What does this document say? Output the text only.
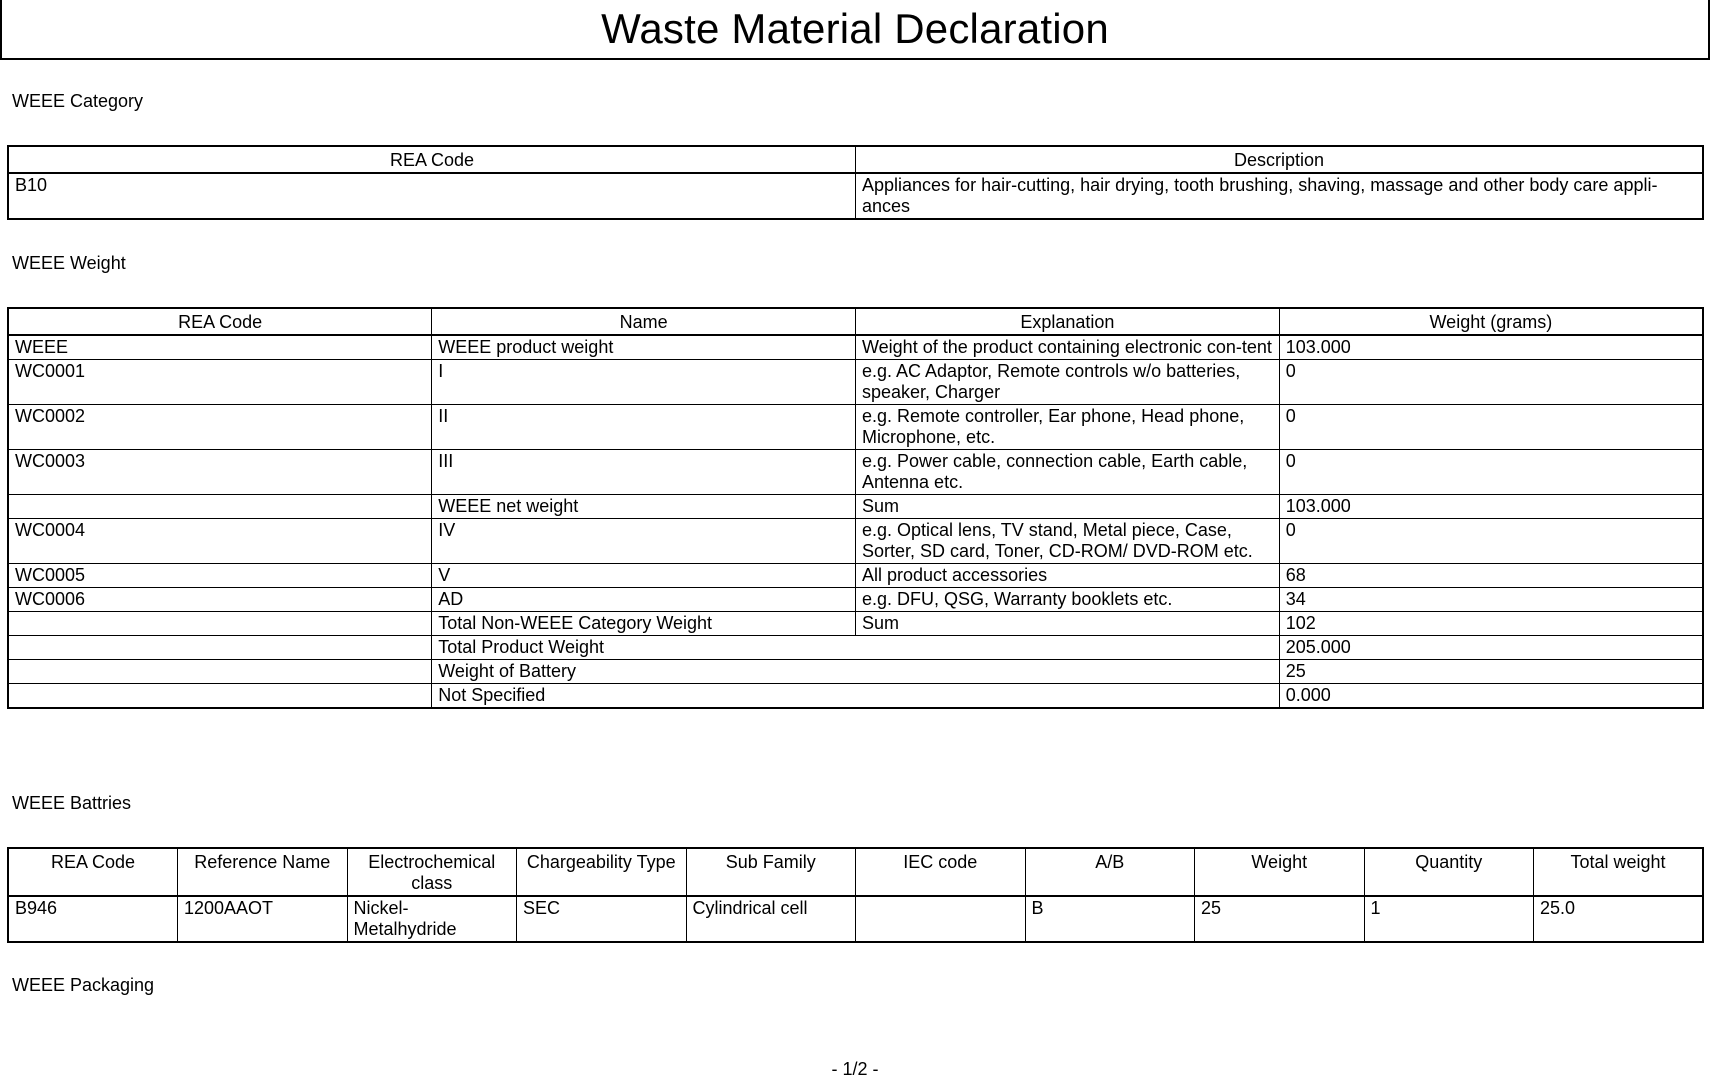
Waste Material Declaration
WEEE Category
REA Code	Description
B10	Appliances for hair-cutting, hair drying, tooth brushing, shaving, massage and other body care appli-ances
WEEE Weight
REA Code	Name	Explanation	Weight (grams)
WEEE	WEEE product weight	Weight of the product containing electronic con-tent	103.000
WC0001	I	e.g. AC Adaptor, Remote controls w/o batteries, speaker, Charger	0
WC0002	II	e.g. Remote controller, Ear phone, Head phone, Microphone, etc.	0
WC0003	III	e.g. Power cable, connection cable, Earth cable, Antenna etc.	0
	WEEE net weight	Sum	103.000
WC0004	IV	e.g. Optical lens, TV stand, Metal piece, Case, Sorter, SD card, Toner, CD-ROM/ DVD-ROM etc.	0
WC0005	V	All product accessories	68
WC0006	AD	e.g. DFU, QSG, Warranty booklets etc.	34
	Total Non-WEEE Category Weight	Sum	102
	Total Product Weight		205.000
	Weight of Battery		25
	Not Specified		0.000
WEEE Battries
REA Code	Reference Name	Electrochemical class	Chargeability Type	Sub Family	IEC code	A/B	Weight	Quantity	Total weight
B946	1200AAOT	Nickel-Metalhydride	SEC	Cylindrical cell		B	25	1	25.0
WEEE Packaging
- 1/2 -
